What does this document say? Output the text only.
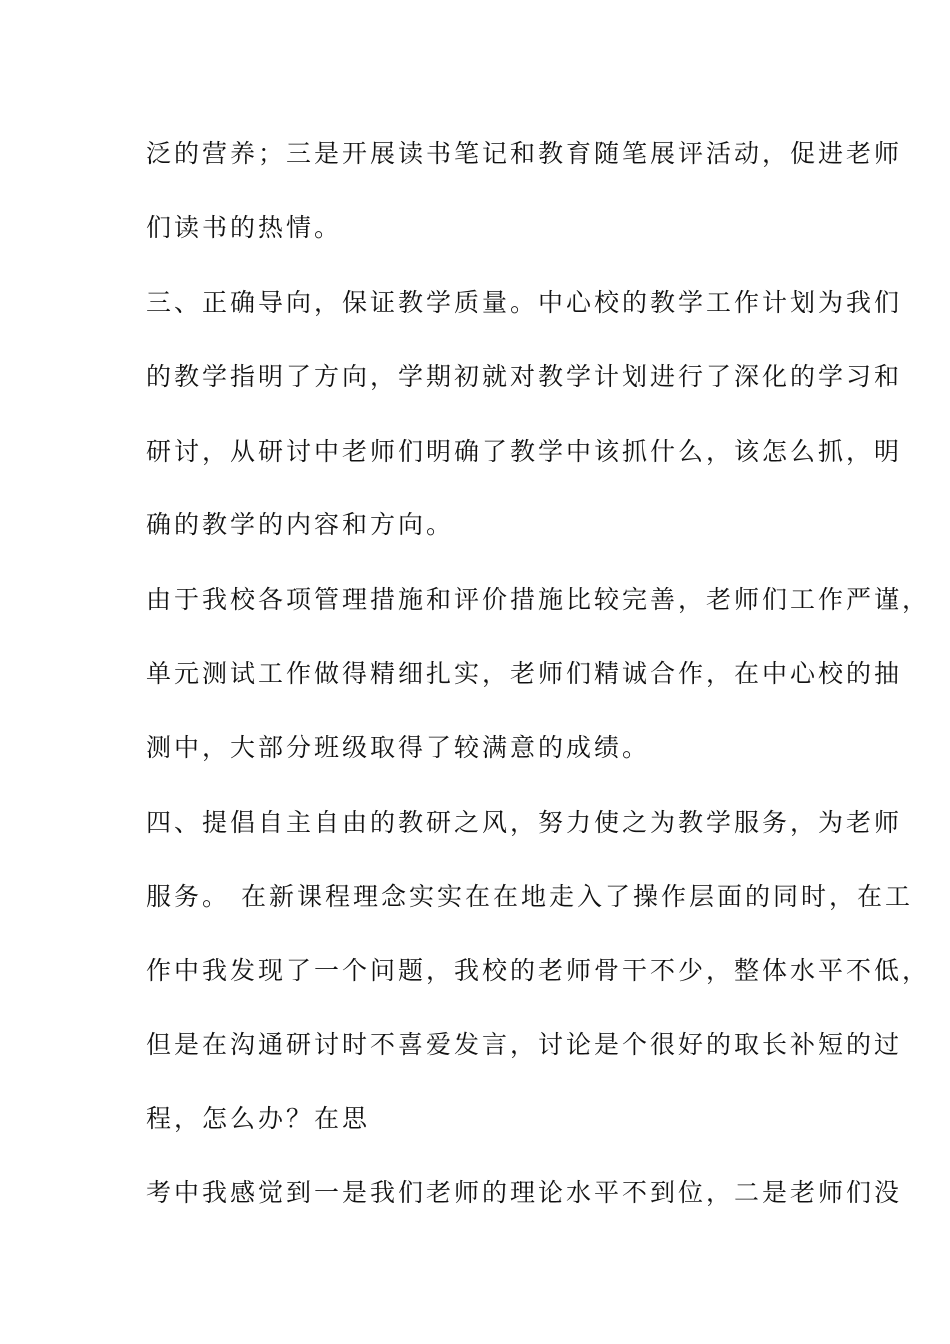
泛的营养；三是开展读书笔记和教育随笔展评活动，促进老师
们读书的热情。
三、正确导向，保证教学质量。中心校的教学工作计划为我们
的教学指明了方向，学期初就对教学计划进行了深化的学习和
研讨，从研讨中老师们明确了教学中该抓什么，该怎么抓，明
确的教学的内容和方向。
由于我校各项管理措施和评价措施比较完善，老师们工作严谨，
单元测试工作做得精细扎实，老师们精诚合作，在中心校的抽
测中，大部分班级取得了较满意的成绩。
四、提倡自主自由的教研之风，努力使之为教学服务，为老师
服务。 在新课程理念实实在在地走入了操作层面的同时，在工
作中我发现了一个问题，我校的老师骨干不少，整体水平不低，
但是在沟通研讨时不喜爱发言，讨论是个很好的取长补短的过
程，怎么办？在思
考中我感觉到一是我们老师的理论水平不到位，二是老师们没
